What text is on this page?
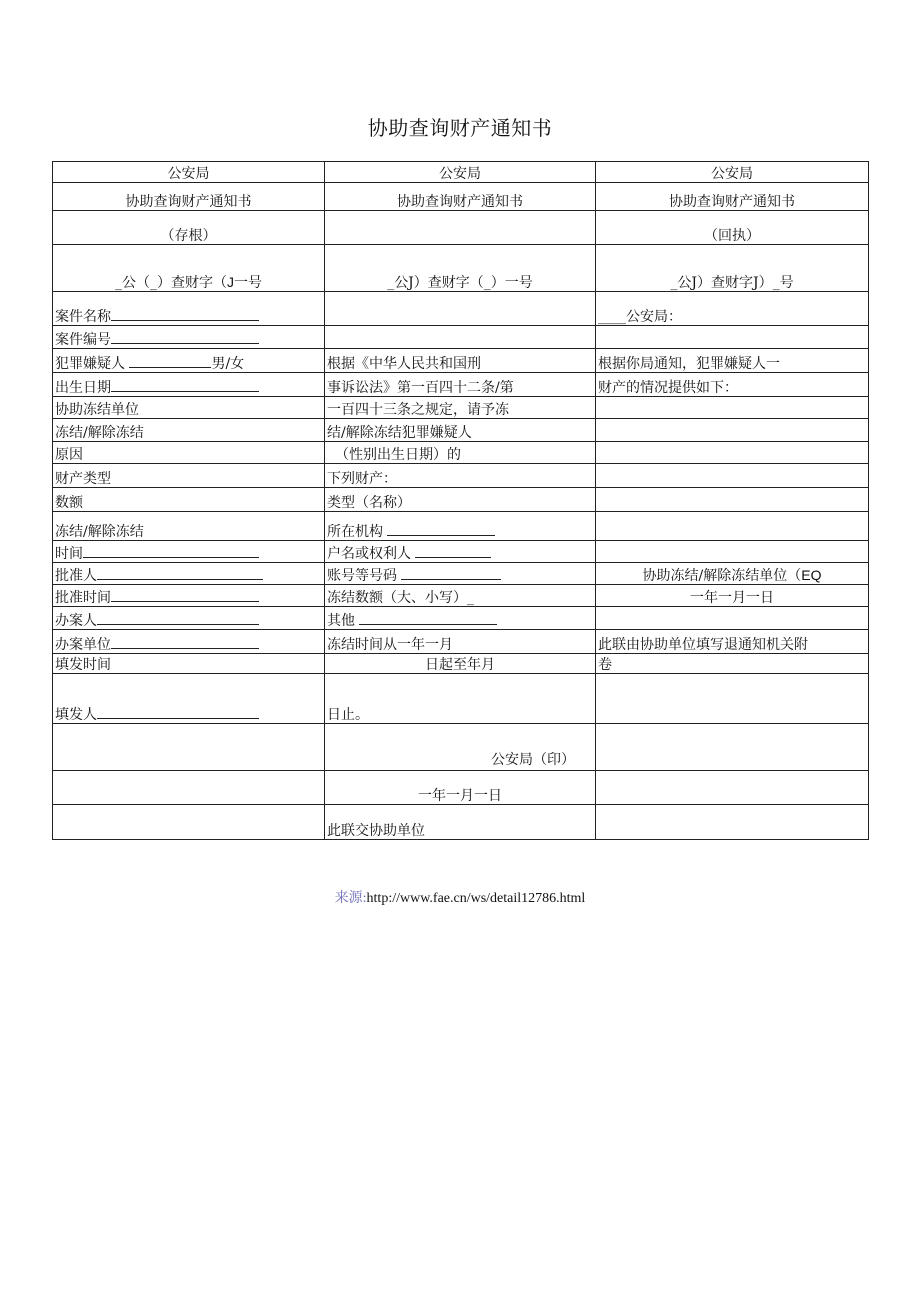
协助查询财产通知书
公安局	公安局	公安局
协助查询财产通知书	协助查询财产通知书	协助查询财产通知书
（存根）		（回执）
_公（_）查财字（J一号	_公J）查财字（_）一号	_公J）查财字J）_号
案件名称		____公安局：
案件编号		
犯罪嫌疑人 男/女	根据《中华人民共和国刑	根据你局通知，犯罪嫌疑人一
出生日期	事诉讼法》第一百四十二条/第	财产的情况提供如下：
协助冻结单位	一百四十三条之规定，请予冻	
冻结/解除冻结	结/解除冻结犯罪嫌疑人	
原因	（性别出生日期）的	
财产类型	下列财产：	
数额	类型（名称）	
冻结/解除冻结	所在机构	
时间	户名或权利人	
批准人	账号等号码	协助冻结/解除冻结单位（EQ
批准时间	冻结数额（大、小写）_	一年一月一日
办案人	其他	
办案单位	冻结时间从一年一月	此联由协助单位填写退通知机关附
填发时间	日起至年月	卷
填发人	日止。	
	公安局（印）	
	一年一月一日	
	此联交协助单位	
来源:http://www.fae.cn/ws/detail12786.html
